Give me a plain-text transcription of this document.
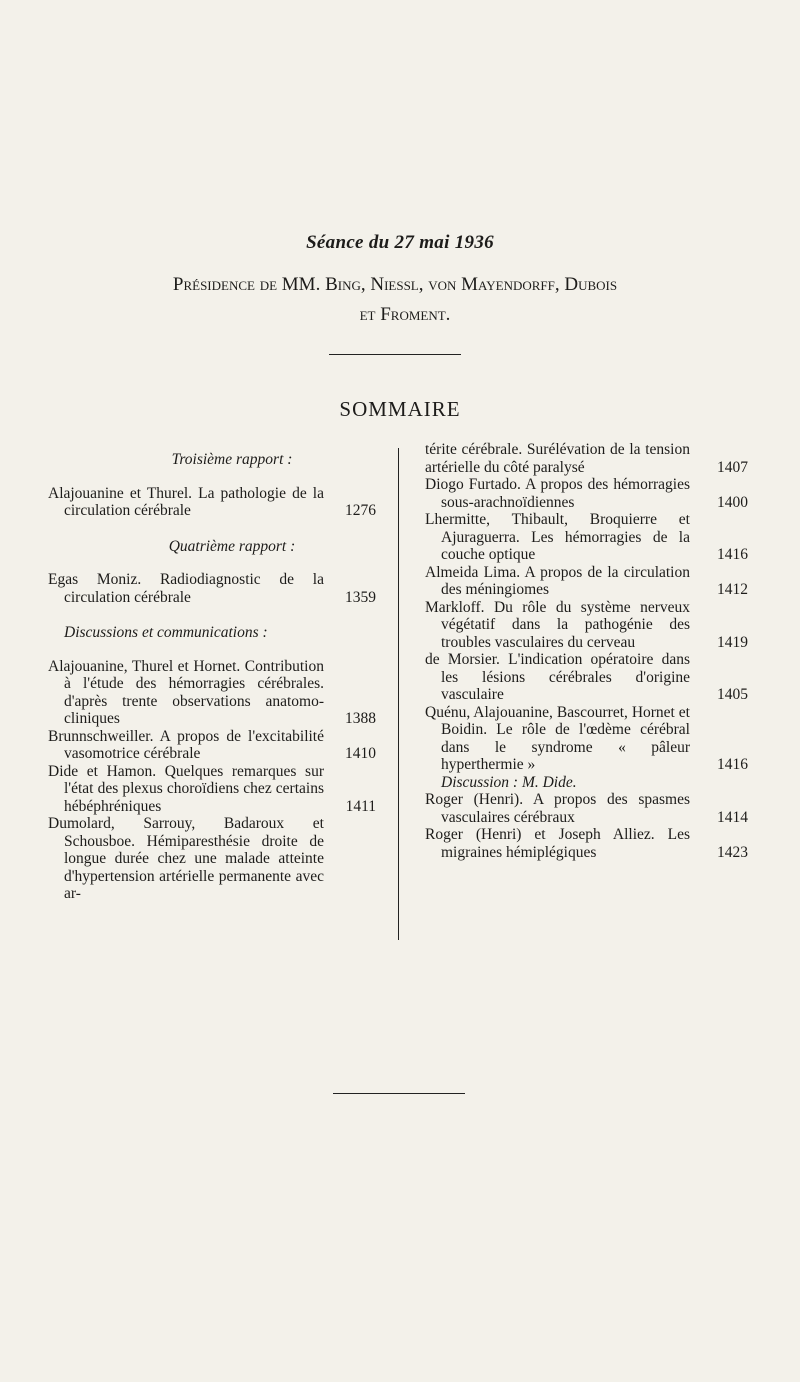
Séance du 27 mai 1936
Présidence de MM. Bing, Niessl, von Mayendorff, Dubois
et Froment.
SOMMAIRE
Troisième rapport :
Alajouanine et Thurel. La pathologie de la circulation cérébrale	1276
Quatrième rapport :
Egas Moniz. Radiodiagnostic de la circulation cérébrale	1359
Discussions et communications :
Alajouanine, Thurel et Hornet. Contribution à l'étude des hémorragies cérébrales. d'après trente observations anatomo-cliniques	1388
Brunnschweiller. A propos de l'excitabilité vasomotrice cérébrale	1410
Dide et Hamon. Quelques remarques sur l'état des plexus choroïdiens chez certains hébéphréniques	1411
Dumolard, Sarrouy, Badaroux et Schousboe. Hémiparesthésie droite de longue durée chez une malade atteinte d'hypertension artérielle permanente avec ar-
térite cérébrale. Surélévation de la tension artérielle du côté paralysé	1407
Diogo Furtado. A propos des hémorragies sous-arachnoïdiennes	1400
Lhermitte, Thibault, Broquierre et Ajuraguerra. Les hémorragies de la couche optique	1416
Almeida Lima. A propos de la circulation des méningiomes	1412
Markloff. Du rôle du système nerveux végétatif dans la pathogénie des troubles vasculaires du cerveau	1419
de Morsier. L'indication opératoire dans les lésions cérébrales d'origine vasculaire	1405
Quénu, Alajouanine, Bascourret, Hornet et Boidin. Le rôle de l'œdème cérébral dans le syndrome « pâleur hyperthermie »	1416
Discussion : M. Dide.
Roger (Henri). A propos des spasmes vasculaires cérébraux	1414
Roger (Henri) et Joseph Alliez. Les migraines hémiplégiques	1423
